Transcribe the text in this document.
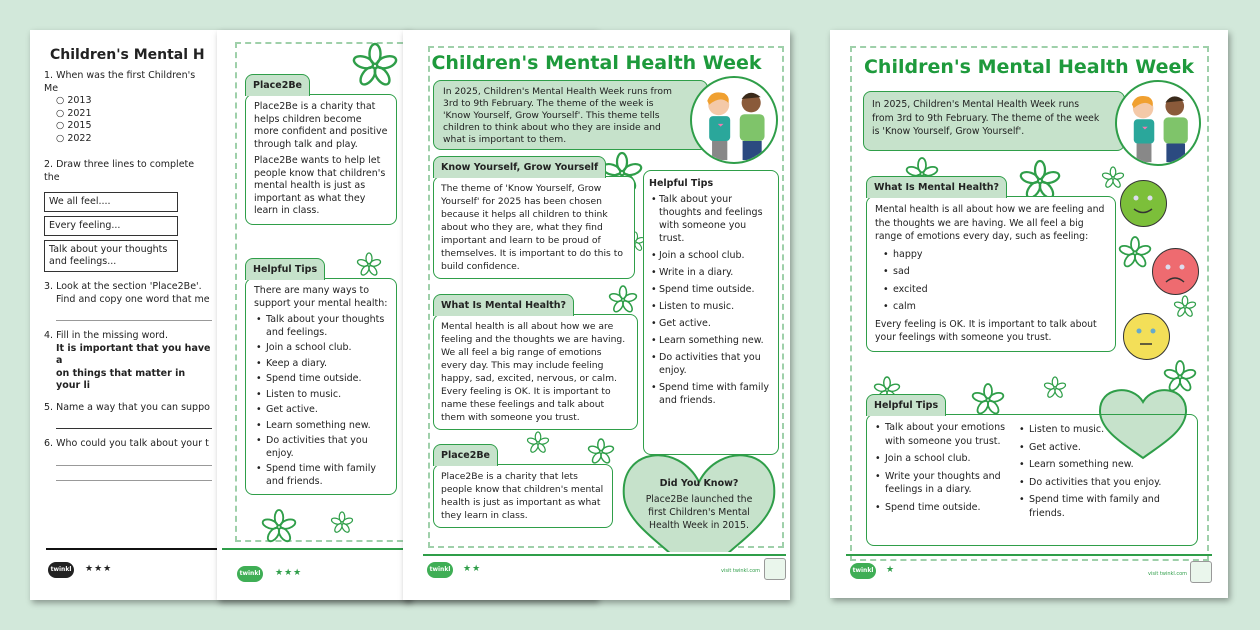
Children's Mental H
1. When was the first Children's Me
○ 2013
○ 2021
○ 2015
○ 2022
2. Draw three lines to complete the
We all feel....
Every feeling...
Talk about your thoughts and feelings...
3. Look at the section 'Place2Be'.
Find and copy one word that me
4. Fill in the missing word.
It is important that you have a
on things that matter in your li
5. Name a way that you can suppo
6. Who could you talk about your t
twinkl ★★★
Place2Be

Place2Be is a charity that helps children become more confident and positive through talk and play.

Place2Be wants to help let people know that children's mental health is just as important as what they learn in class.

Helpful Tips
There are many ways to support your mental health:
• Talk about your thoughts and feelings.
• Join a school club.
• Keep a diary.
• Spend time outside.
• Listen to music.
• Get active.
• Learn something new.
• Do activities that you enjoy.
• Spend time with family and friends.
twinkl ★★★
Children's Mental Health Week
In 2025, Children's Mental Health Week runs from 3rd to 9th February. The theme of the week is 'Know Yourself, Grow Yourself'. This theme tells children to think about who they are inside and what is important to them.
Know Yourself, Grow Yourself
The theme of 'Know Yourself, Grow Yourself' for 2025 has been chosen because it helps all children to think about who they are, what they find important and learn to be proud of themselves. It is important to do this to build confidence.
Helpful Tips
• Talk about your thoughts and feelings with someone you trust.
• Join a school club.
• Write in a diary.
• Spend time outside.
• Listen to music.
• Get active.
• Learn something new.
• Do activities that you enjoy.
• Spend time with family and friends.
What Is Mental Health?
Mental health is all about how we are feeling and the thoughts we are having. We all feel a big range of emotions every day. This may include feeling happy, sad, excited, nervous, or calm. Every feeling is OK. It is important to name these feelings and talk about them with someone you trust.
Place2Be
Place2Be is a charity that lets people know that children's mental health is just as important as what they learn in class.
Did You Know?
Place2Be launched the first Children's Mental Health Week in 2015.
twinkl ★★	visit twinkl.com
Children's Mental Health Week
In 2025, Children's Mental Health Week runs from 3rd to 9th February. The theme of the week is 'Know Yourself, Grow Yourself'.
What Is Mental Health?

Mental health is all about how we are feeling and the thoughts we are having. We all feel a big range of emotions every day, such as feeling:

• happy
• sad
• excited
• calm

Every feeling is OK. It is important to talk about your feelings with someone you trust.

Helpful Tips
• Talk about your emotions with someone you trust.
• Join a school club.
• Write your thoughts and feelings in a diary.
• Spend time outside.
• Listen to music.
• Get active.
• Learn something new.
• Do activities that you enjoy.
• Spend time with family and friends.
twinkl ★	visit twinkl.com
